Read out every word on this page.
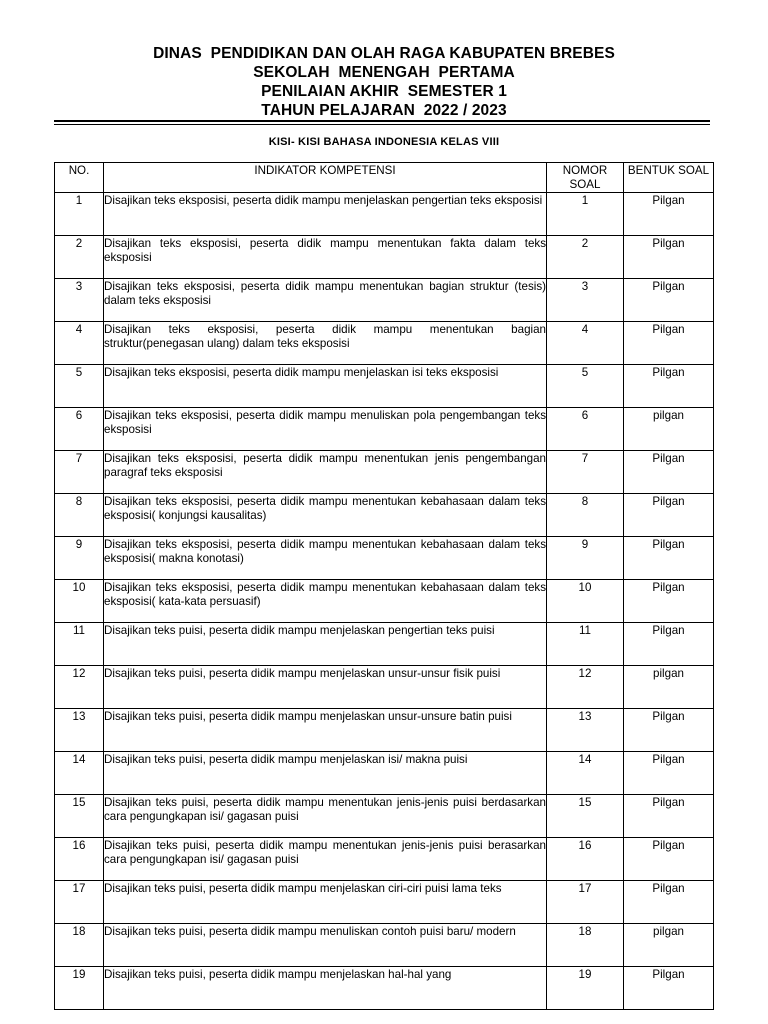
DINAS  PENDIDIKAN DAN OLAH RAGA KABUPATEN BREBES
SEKOLAH  MENENGAH  PERTAMA
PENILAIAN AKHIR  SEMESTER 1
TAHUN PELAJARAN  2022 / 2023
KISI- KISI BAHASA INDONESIA KELAS VIII
NO.	INDIKATOR KOMPETENSI	NOMOR SOAL	BENTUK SOAL
1	Disajikan teks eksposisi, peserta didik mampu menjelaskan pengertian teks eksposisi	1	Pilgan
2	Disajikan teks eksposisi, peserta didik mampu menentukan fakta dalam teks eksposisi	2	Pilgan
3	Disajikan teks eksposisi, peserta didik mampu menentukan bagian struktur (tesis) dalam teks eksposisi	3	Pilgan
4	Disajikan teks eksposisi, peserta didik mampu menentukan bagian struktur(penegasan ulang) dalam teks eksposisi	4	Pilgan
5	Disajikan teks eksposisi, peserta didik mampu menjelaskan isi teks eksposisi	5	Pilgan
6	Disajikan teks eksposisi, peserta didik mampu menuliskan pola pengembangan teks eksposisi	6	pilgan
7	Disajikan teks eksposisi, peserta didik mampu menentukan jenis pengembangan paragraf teks eksposisi	7	Pilgan
8	Disajikan teks eksposisi, peserta didik mampu menentukan kebahasaan dalam teks eksposisi( konjungsi kausalitas)	8	Pilgan
9	Disajikan teks eksposisi, peserta didik mampu menentukan kebahasaan dalam teks eksposisi( makna konotasi)	9	Pilgan
10	Disajikan teks eksposisi, peserta didik mampu menentukan kebahasaan dalam teks eksposisi( kata-kata persuasif)	10	Pilgan
11	Disajikan teks puisi, peserta didik mampu menjelaskan pengertian teks puisi	11	Pilgan
12	Disajikan teks puisi, peserta didik mampu menjelaskan unsur-unsur fisik puisi	12	pilgan
13	Disajikan teks puisi, peserta didik mampu menjelaskan unsur-unsure batin puisi	13	Pilgan
14	Disajikan teks puisi, peserta didik mampu menjelaskan isi/ makna puisi	14	Pilgan
15	Disajikan teks puisi, peserta didik mampu menentukan jenis-jenis puisi berdasarkan cara pengungkapan isi/ gagasan puisi	15	Pilgan
16	Disajikan teks puisi, peserta didik mampu menentukan jenis-jenis puisi berasarkan cara pengungkapan isi/ gagasan puisi	16	Pilgan
17	Disajikan teks puisi, peserta didik mampu menjelaskan ciri-ciri puisi lama teks	17	Pilgan
18	Disajikan teks puisi, peserta didik mampu menuliskan contoh puisi baru/ modern	18	pilgan
19	Disajikan teks puisi, peserta didik mampu menjelaskan hal-hal yang	19	Pilgan
